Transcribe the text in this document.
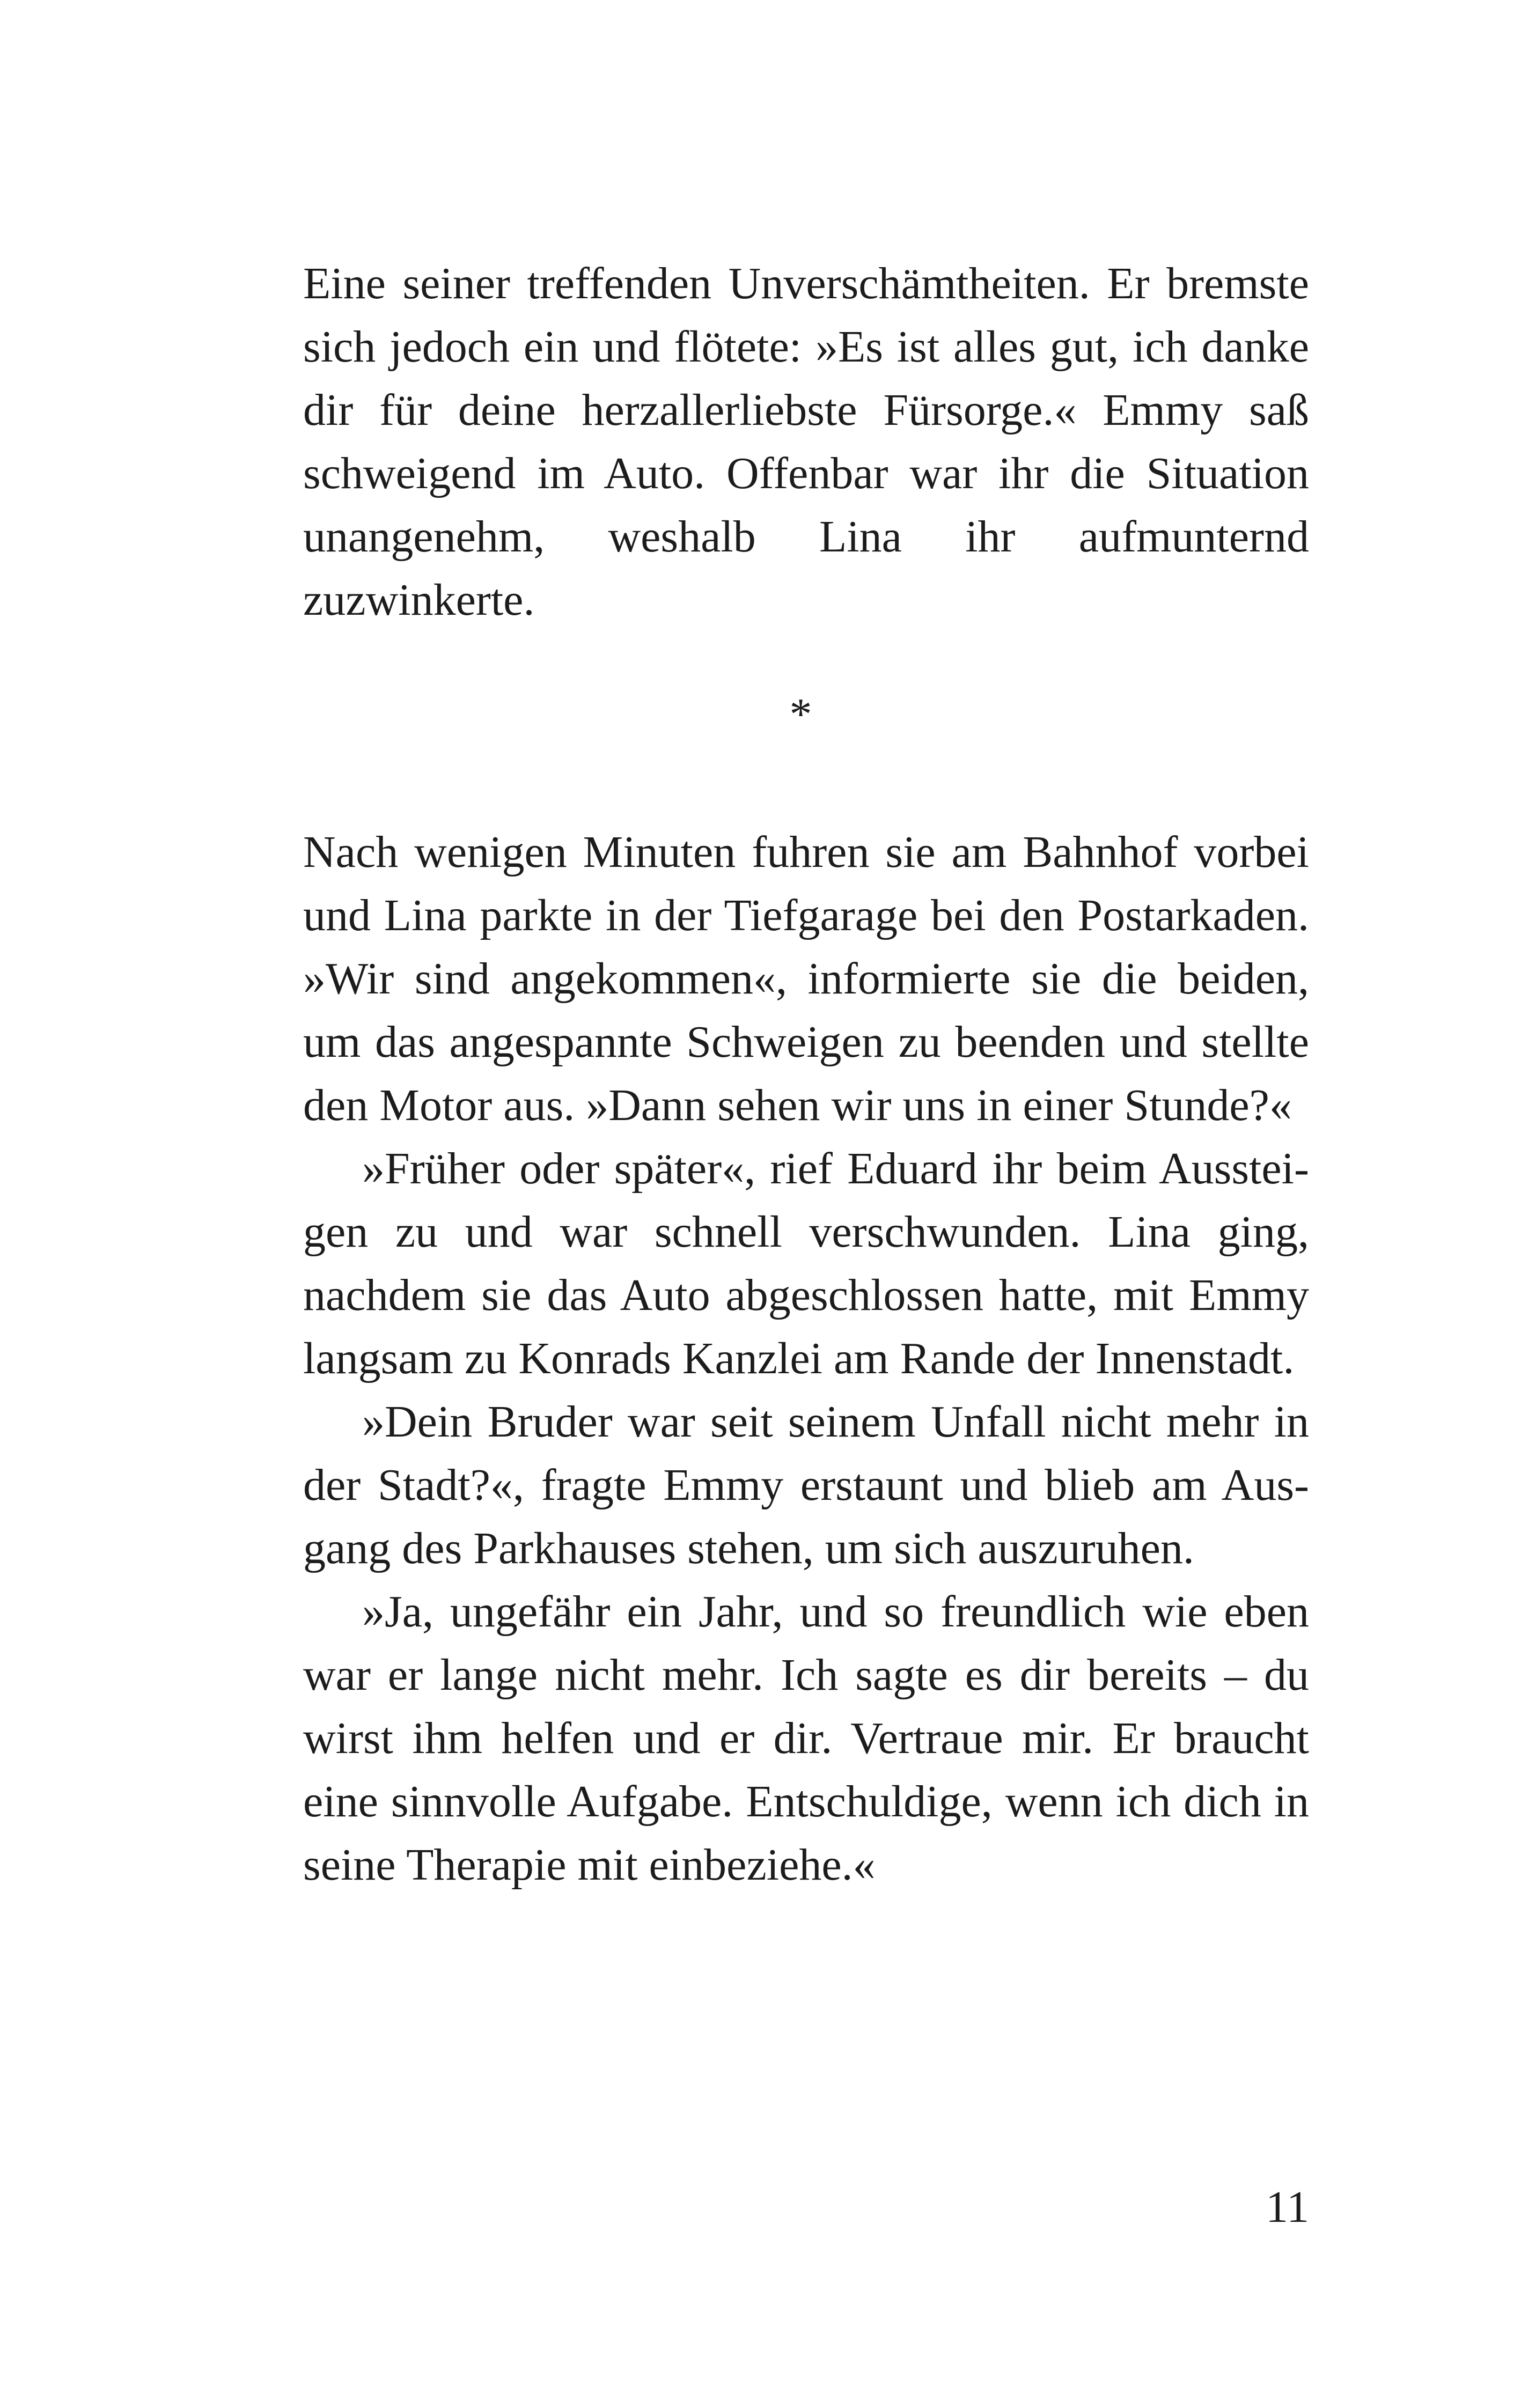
Eine seiner treffenden Unverschämtheiten. Er bremste sich jedoch ein und flötete: »Es ist alles gut, ich danke dir für deine herzallerliebste Fürsorge.« Emmy saß schweigend im Auto. Offenbar war ihr die Situation unangenehm, weshalb Lina ihr aufmunternd zuzwinkerte.

*

Nach wenigen Minuten fuhren sie am Bahnhof vorbei und Lina parkte in der Tiefgarage bei den Postarkaden. »Wir sind angekommen«, informierte sie die beiden, um das angespannte Schweigen zu beenden und stellte den Motor aus. »Dann sehen wir uns in einer Stunde?«

»Früher oder später«, rief Eduard ihr beim Aussteigen zu und war schnell verschwunden. Lina ging, nachdem sie das Auto abgeschlossen hatte, mit Emmy langsam zu Konrads Kanzlei am Rande der Innenstadt.

»Dein Bruder war seit seinem Unfall nicht mehr in der Stadt?«, fragte Emmy erstaunt und blieb am Ausgang des Parkhauses stehen, um sich auszuruhen.

»Ja, ungefähr ein Jahr, und so freundlich wie eben war er lange nicht mehr. Ich sagte es dir bereits – du wirst ihm helfen und er dir. Vertraue mir. Er braucht eine sinnvolle Aufgabe. Entschuldige, wenn ich dich in seine Therapie mit einbeziehe.«

11
